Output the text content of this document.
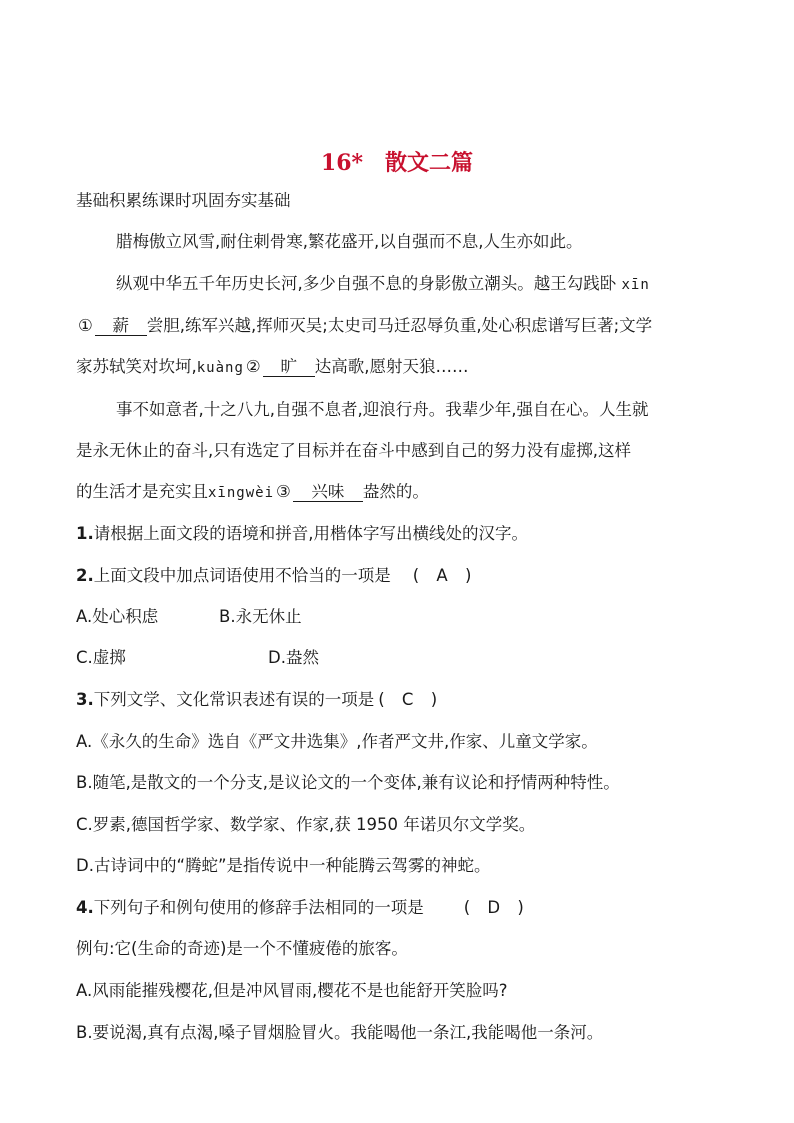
16* 散文二篇
基础积累练课时巩固夯实基础
腊梅傲立风雪,耐住刺骨寒,繁花盛开,以自强而不息,人生亦如此。
纵观中华五千年历史长河,多少自强不息的身影傲立潮头。越王勾践卧 xīn
① 薪 尝胆,练军兴越,挥师灭吴;太史司马迁忍辱负重,处心积虑谱写巨著;文学
家苏轼笑对坎坷,kuàng ② 旷 达高歌,愿射天狼……
事不如意者,十之八九,自强不息者,迎浪行舟。我辈少年,强自在心。人生就
是永无休止的奋斗,只有选定了目标并在奋斗中感到自己的努力没有虚掷,这样
的生活才是充实且xīngwèi ③ 兴味 盎然的。
1.请根据上面文段的语境和拼音,用楷体字写出横线处的汉字。
2.上面文段中加点词语使用不恰当的一项是 ( A )
A.处心积虑	B.永无休止
C.虚掷	D.盎然
3.下列文学、文化常识表述有误的一项是 ( C )
A.《永久的生命》选自《严文井选集》,作者严文井,作家、儿童文学家。
B.随笔,是散文的一个分支,是议论文的一个变体,兼有议论和抒情两种特性。
C.罗素,德国哲学家、数学家、作家,获 1950 年诺贝尔文学奖。
D.古诗词中的“腾蛇”是指传说中一种能腾云驾雾的神蛇。
4.下列句子和例句使用的修辞手法相同的一项是 ( D )
例句:它(生命的奇迹)是一个不懂疲倦的旅客。
A.风雨能摧残樱花,但是冲风冒雨,樱花不是也能舒开笑脸吗?
B.要说渴,真有点渴,嗓子冒烟脸冒火。我能喝他一条江,我能喝他一条河。
